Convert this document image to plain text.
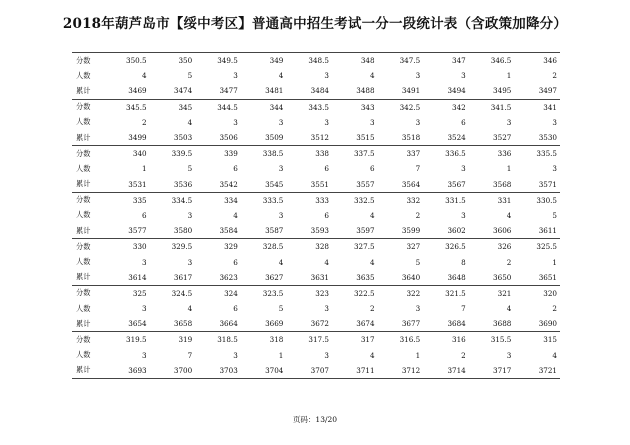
2018年葫芦岛市【绥中考区】普通高中招生考试一分一段统计表（含政策加降分）
分数	350.5	350	349.5	349	348.5	348	347.5	347	346.5	346
人数	4	5	3	4	3	4	3	3	1	2
累计	3469	3474	3477	3481	3484	3488	3491	3494	3495	3497
分数	345.5	345	344.5	344	343.5	343	342.5	342	341.5	341
人数	2	4	3	3	3	3	3	6	3	3
累计	3499	3503	3506	3509	3512	3515	3518	3524	3527	3530
分数	340	339.5	339	338.5	338	337.5	337	336.5	336	335.5
人数	1	5	6	3	6	6	7	3	1	3
累计	3531	3536	3542	3545	3551	3557	3564	3567	3568	3571
分数	335	334.5	334	333.5	333	332.5	332	331.5	331	330.5
人数	6	3	4	3	6	4	2	3	4	5
累计	3577	3580	3584	3587	3593	3597	3599	3602	3606	3611
分数	330	329.5	329	328.5	328	327.5	327	326.5	326	325.5
人数	3	3	6	4	4	4	5	8	2	1
累计	3614	3617	3623	3627	3631	3635	3640	3648	3650	3651
分数	325	324.5	324	323.5	323	322.5	322	321.5	321	320
人数	3	4	6	5	3	2	3	7	4	2
累计	3654	3658	3664	3669	3672	3674	3677	3684	3688	3690
分数	319.5	319	318.5	318	317.5	317	316.5	316	315.5	315
人数	3	7	3	1	3	4	1	2	3	4
累计	3693	3700	3703	3704	3707	3711	3712	3714	3717	3721
页码：13/20
